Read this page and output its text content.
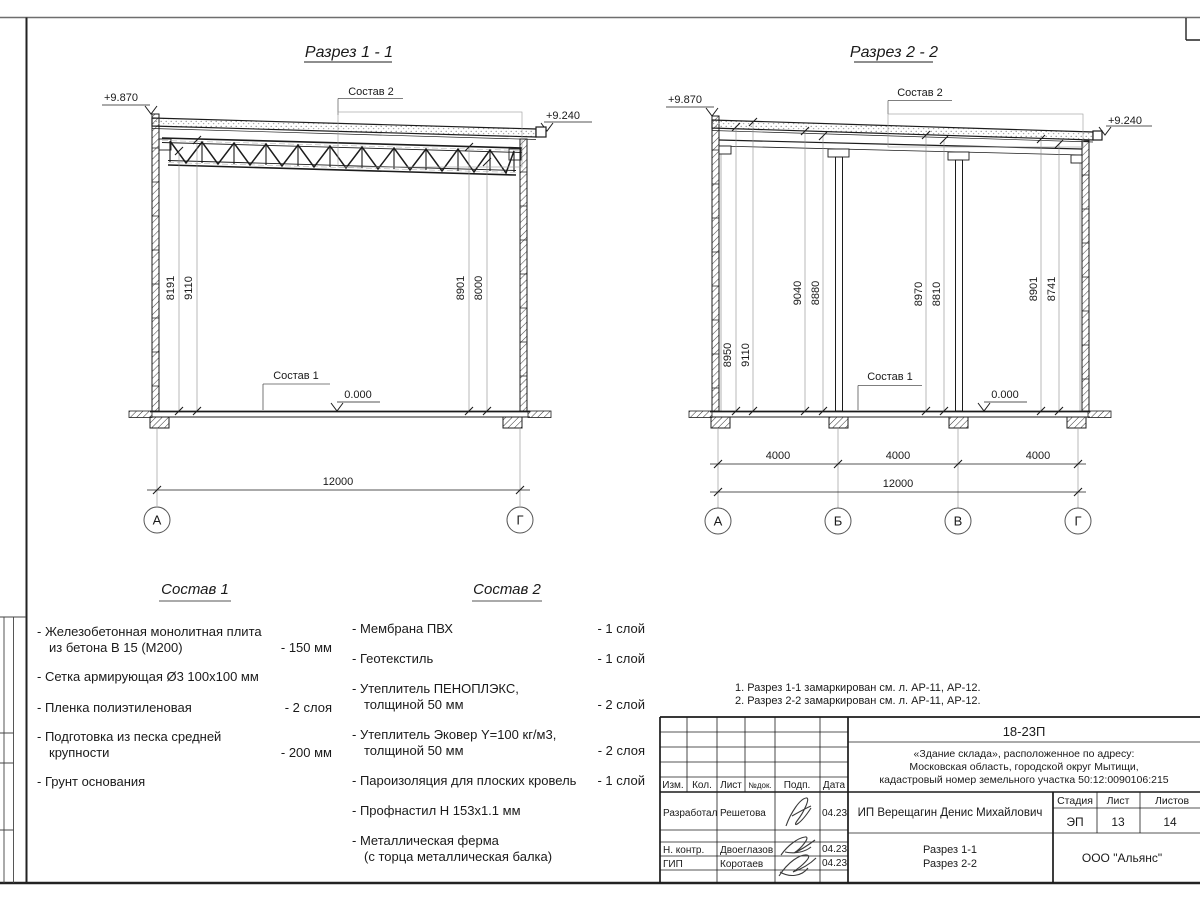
Разрез 1 - 1
+9.870
+9.240
Состав 2
8191 9110	8901 8000
Состав 1
0.000
12000
А	Г
Разрез 2 - 2
+9.870
+9.240
Состав 2
8950 9110
9040 8880	8970 8810	8901 8741
Состав 1
0.000
4000	4000	4000
12000
А	Б	В	Г
Состав 1
- Железобетонная монолитная плита
из бетона В 15 (М200)	- 150 мм
- Сетка армирующая Ø3 100х100 мм
- Пленка полиэтиленовая	- 2 слоя
- Подготовка из песка средней
крупности	- 200 мм
- Грунт основания
Состав 2
- Мембрана ПВХ	- 1 слой
- Геотекстиль	- 1 слой
- Утеплитель ПЕНОПЛЭКС,
толщиной 50 мм	- 2 слой
- Утеплитель Эковер Y=100 кг/м3,
толщиной 50 мм	- 2 слоя
- Пароизоляция для плоских кровель - 1 слой
- Профнастил Н 153х1.1 мм
- Металлическая ферма
(с торца металлическая балка)
1. Разрез 1-1 замаркирован см. л. АР-11, АР-12.
2. Разрез 2-2 замаркирован см. л. АР-11, АР-12.
Изм. Кол. Лист №док. Подп. Дата
18-23П
«Здание склада», расположенное по адресу:
Московская область, городской округ Мытищи,
кадастровый номер земельного участка 50:12:0090106:215
Разработал Решетова	04.23
Н. контр. Двоеглазов	04.23
ГИП	Коротаев	04.23
ИП Верещагин Денис Михайлович
Стадия Лист Листов
ЭП 13	14
Разрез 1-1
Разрез 2-2	ООО "Альянс"
